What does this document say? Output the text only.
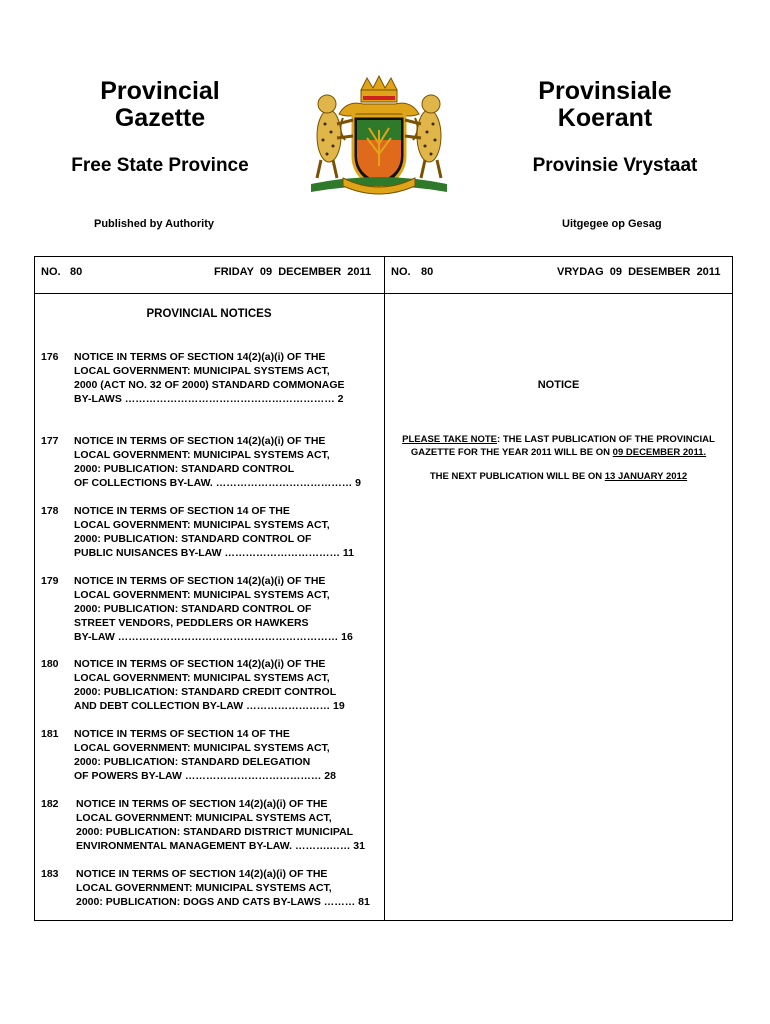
Provincial
Gazette
Provinsiale
Koerant
Free State Province	Provinsie Vrystaat
Published by Authority	Uitgegee op Gesag
NO. 80	FRIDAY  09  DECEMBER  2011 NO. 80	VRYDAG  09  DESEMBER  2011
PROVINCIAL NOTICES
176 NOTICE IN TERMS OF SECTION 14(2)(a)(i) OF THE
LOCAL GOVERNMENT: MUNICIPAL SYSTEMS ACT,
2000 (ACT NO. 32 OF 2000) STANDARD COMMONAGE
BY-LAWS …………………………………………………… 2
177 NOTICE IN TERMS OF SECTION 14(2)(a)(i) OF THE
LOCAL GOVERNMENT: MUNICIPAL SYSTEMS ACT,
2000: PUBLICATION: STANDARD CONTROL
OF COLLECTIONS BY-LAW. ………………………………… 9
178 NOTICE IN TERMS OF SECTION 14 OF THE
LOCAL GOVERNMENT: MUNICIPAL SYSTEMS ACT,
2000: PUBLICATION: STANDARD CONTROL OF
PUBLIC NUISANCES BY-LAW …………………………… 11
179 NOTICE IN TERMS OF SECTION 14(2)(a)(i) OF THE
LOCAL GOVERNMENT: MUNICIPAL SYSTEMS ACT,
2000: PUBLICATION: STANDARD CONTROL OF
STREET VENDORS, PEDDLERS OR HAWKERS
BY-LAW ……………………………………………………… 16
180 NOTICE IN TERMS OF SECTION 14(2)(a)(i) OF THE
LOCAL GOVERNMENT: MUNICIPAL SYSTEMS ACT,
2000: PUBLICATION: STANDARD CREDIT CONTROL
AND DEBT COLLECTION BY-LAW …………………… 19
181 NOTICE IN TERMS OF SECTION 14 OF THE
LOCAL GOVERNMENT: MUNICIPAL SYSTEMS ACT,
2000: PUBLICATION: STANDARD DELEGATION
OF POWERS BY-LAW ………………………………… 28
182 NOTICE IN TERMS OF SECTION 14(2)(a)(i) OF THE
LOCAL GOVERNMENT: MUNICIPAL SYSTEMS ACT,
2000: PUBLICATION: STANDARD DISTRICT MUNICIPAL
ENVIRONMENTAL MANAGEMENT BY-LAW. ……….…… 31
183 NOTICE IN TERMS OF SECTION 14(2)(a)(i) OF THE
LOCAL GOVERNMENT: MUNICIPAL SYSTEMS ACT,
2000: PUBLICATION: DOGS AND CATS BY-LAWS ……… 81
NOTICE
PLEASE TAKE NOTE: THE LAST PUBLICATION OF THE PROVINCIAL
GAZETTE FOR THE YEAR 2011 WILL BE ON 09 DECEMBER 2011.
THE NEXT PUBLICATION WILL BE ON 13 JANUARY 2012
